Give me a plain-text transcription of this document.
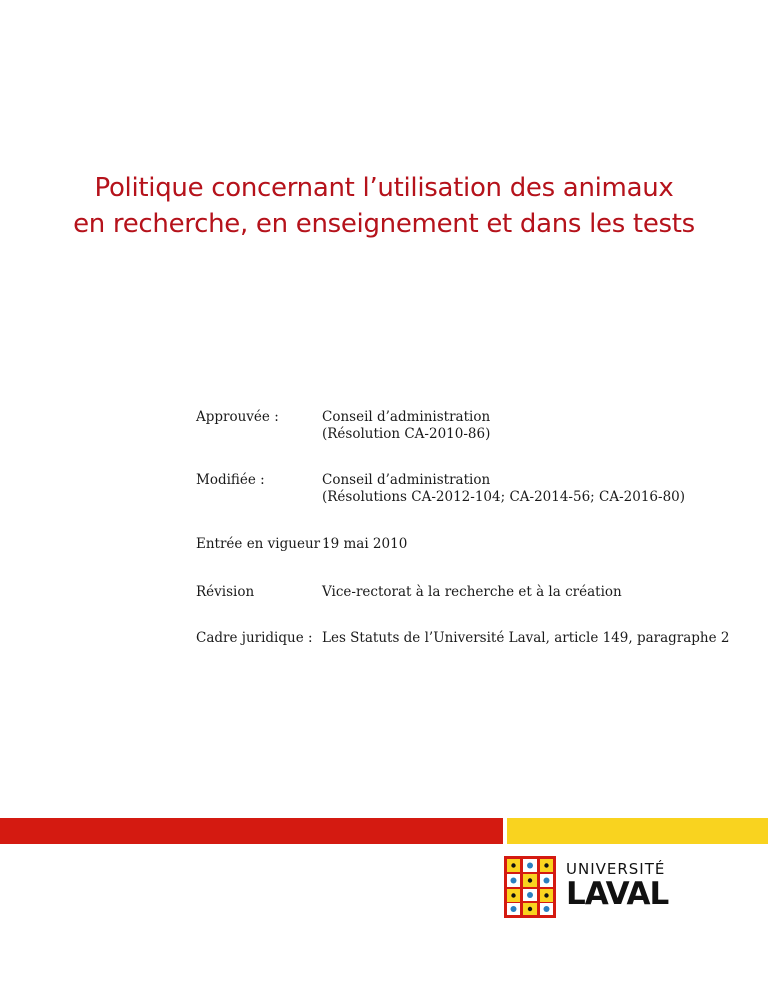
Politique concernant l’utilisation des animaux
en recherche, en enseignement et dans les tests
Approuvée :	Conseil d’administration
(Résolution CA-2010-86)
Modifiée :	Conseil d’administration
(Résolutions CA-2012-104; CA-2014-56; CA-2016-80)
Entrée en vigueur :
19 mai 2010
Révision	Vice-rectorat à la recherche et à la création
Cadre juridique : Les Statuts de l’Université Laval, article 149, paragraphe 2
UNIVERSITÉ
LAVAL
